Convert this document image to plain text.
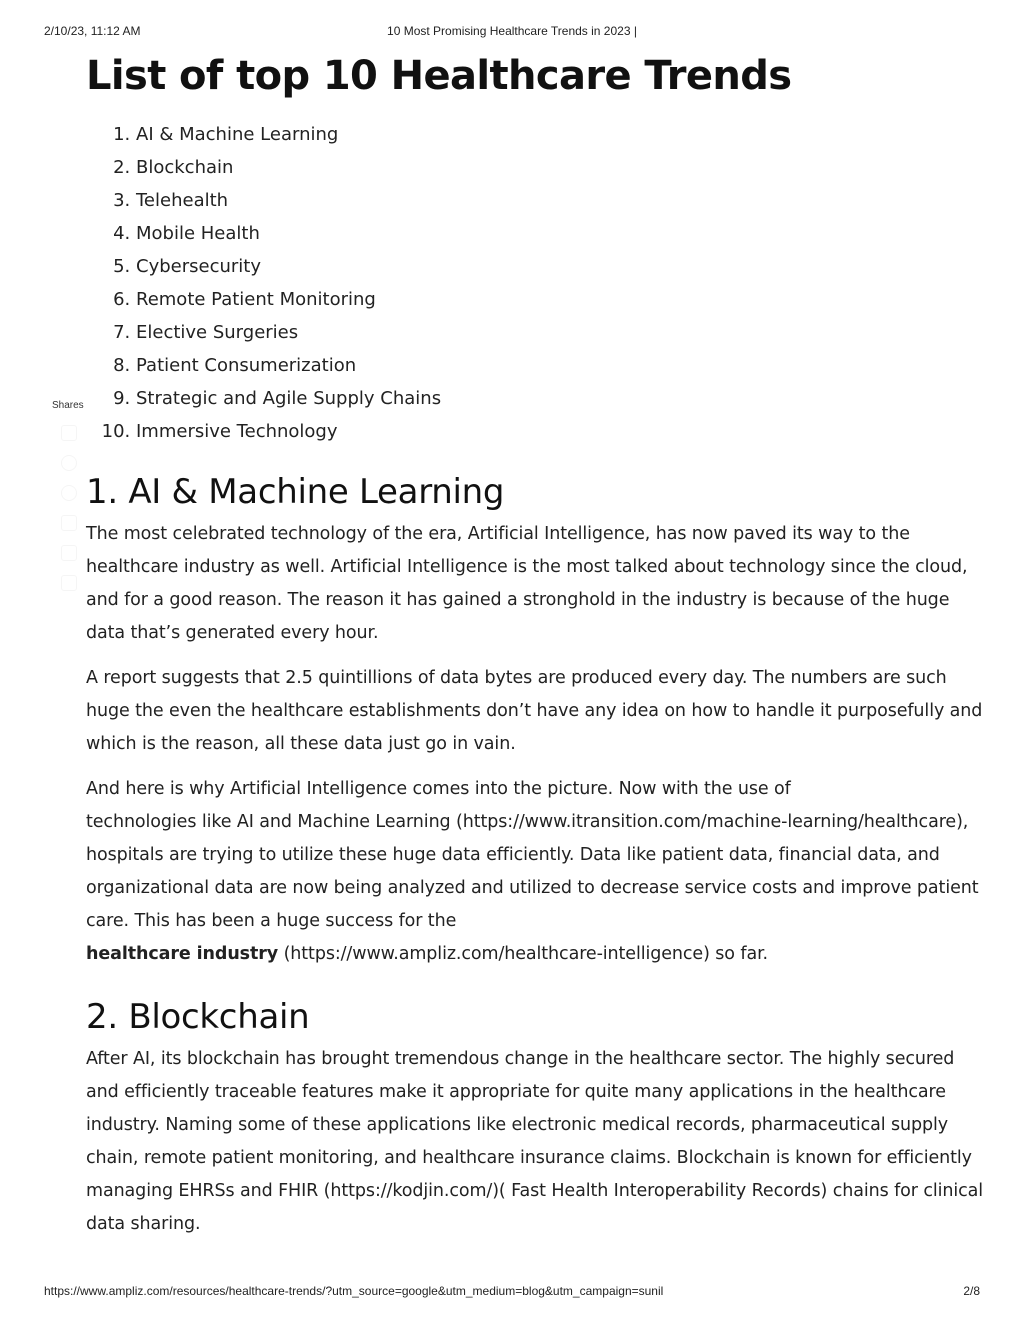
2/10/23, 11:12 AM	10 Most Promising Healthcare Trends in 2023 |
Shares
List of top 10 Healthcare Trends
1. AI & Machine Learning
2. Blockchain
3. Telehealth
4. Mobile Health
5. Cybersecurity
6. Remote Patient Monitoring
7. Elective Surgeries
8. Patient Consumerization
9. Strategic and Agile Supply Chains
10. Immersive Technology
1. AI & Machine Learning

The most celebrated technology of the era, Artificial Intelligence, has now paved its way to the healthcare industry as well. Artificial Intelligence is the most talked about technology since the cloud, and for a good reason. The reason it has gained a stronghold in the industry is because of the huge data that’s generated every hour.

A report suggests that 2.5 quintillions of data bytes are produced every day. The numbers are such huge the even the healthcare establishments don’t have any idea on how to handle it purposefully and which is the reason, all these data just go in vain.

And here is why Artificial Intelligence comes into the picture. Now with the use of
technologies like AI and Machine Learning (https://www.itransition.com/machine-learning/healthcare), hospitals are trying to utilize these huge data efficiently. Data like patient data, financial data, and organizational data are now being analyzed and utilized to decrease service costs and improve patient care. This has been a huge success for the
healthcare industry (https://www.ampliz.com/healthcare-intelligence) so far.

2. Blockchain

After AI, its blockchain has brought tremendous change in the healthcare sector. The highly secured and efficiently traceable features make it appropriate for quite many applications in the healthcare industry. Naming some of these applications like electronic medical records, pharmaceutical supply chain, remote patient monitoring, and healthcare insurance claims. Blockchain is known for efficiently managing EHRSs and FHIR (https://kodjin.com/)( Fast Health Interoperability Records) chains for clinical data sharing.

https://www.ampliz.com/resources/healthcare-trends/?utm_source=google&utm_medium=blog&utm_campaign=sunil	2/8
